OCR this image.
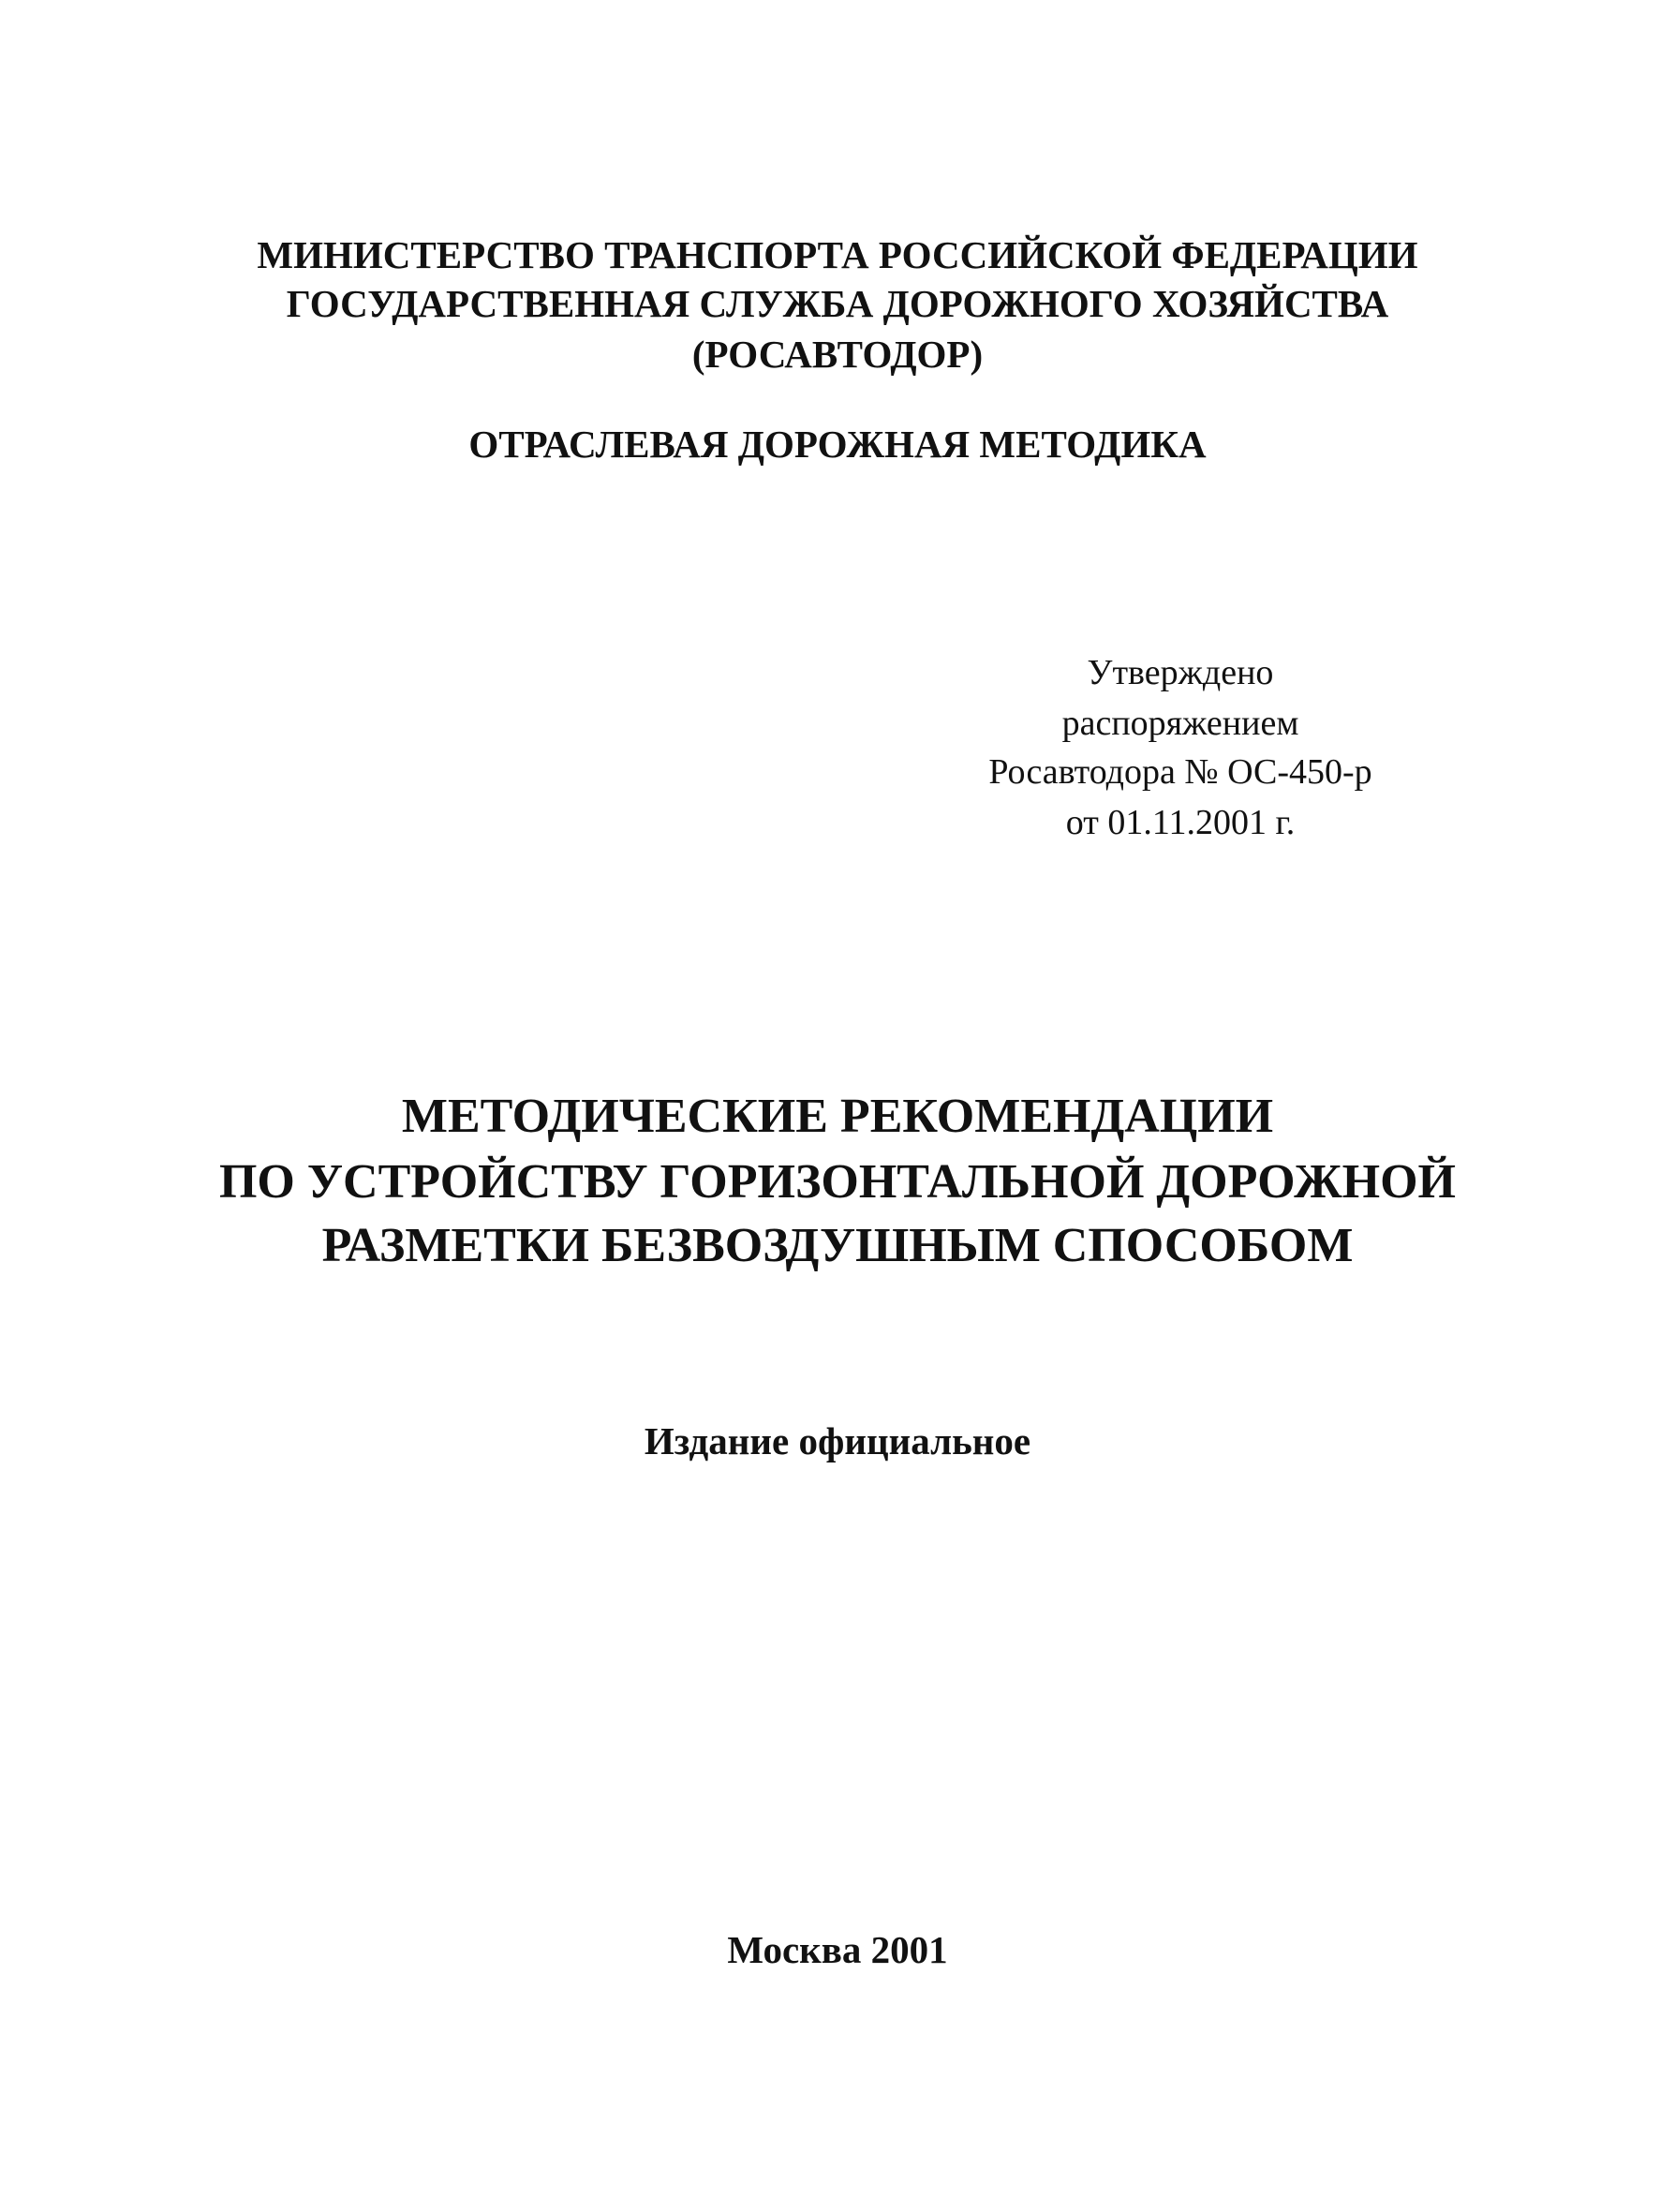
МИНИСТЕРСТВО ТРАНСПОРТА РОССИЙСКОЙ ФЕДЕРАЦИИ
ГОСУДАРСТВЕННАЯ СЛУЖБА ДОРОЖНОГО ХОЗЯЙСТВА
(РОСАВТОДОР)
ОТРАСЛЕВАЯ ДОРОЖНАЯ МЕТОДИКА
Утверждено
распоряжением
Росавтодора № ОС-450-р
от 01.11.2001 г.
МЕТОДИЧЕСКИЕ РЕКОМЕНДАЦИИ
ПО УСТРОЙСТВУ ГОРИЗОНТАЛЬНОЙ ДОРОЖНОЙ
РАЗМЕТКИ БЕЗВОЗДУШНЫМ СПОСОБОМ
Издание официальное
Москва 2001
